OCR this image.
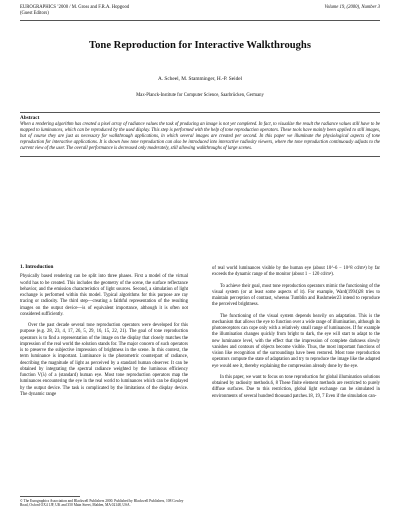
EUROGRAPHICS ’2000 / M. Gross and F.R.A. Hopgood
(Guest Editors)
Volume 19, (2000), Number 3
Tone Reproduction for Interactive Walkthroughs
A. Scheel, M. Stamminger, H.-P. Seidel
Max-Planck-Institute for Computer Science, Saarbrücken, Germany
Abstract
When a rendering algorithm has created a pixel array of radiance values the task of producing an image is not yet completed. In fact, to visualize the result the radiance values still have to be mapped to luminances, which can be reproduced by the used display. This step is performed with the help of tone reproduction operators. These tools have mainly been applied to still images, but of course they are just as necessary for walkthrough applications, in which several images are created per second. In this paper we illuminate the physiological aspects of tone reproduction for interactive applications. It is shown how tone reproduction can also be introduced into interactive radiosity viewers, where the tone reproduction continuously adjusts to the current view of the user. The overall performance is decreased only moderately, still allowing walkthroughs of large scenes.
1. Introduction

Physically based rendering can be split into three phases. First a model of the virtual world has to be created. This includes the geometry of the scene, the surface reflectance behavior, and the emission characteristics of light sources. Second, a simulation of light exchange is performed within this model. Typical algorithms for this purpose are ray tracing or radiosity. The third step—creating a faithful representation of the resulting images on the output device—is of equivalent importance, although it is often not considered sufficiently.

Over the past decade several tone reproduction operators were developed for this purpose (e.g. 28, 23, 4, 17, 26, 5, 29, 16, 15, 22, 21). The goal of tone reproduction operators is to find a representation of the image on the display that closely matches the impression of the real world the solution stands for. The major concern of such operators is to preserve the subjective impression of brightness in the scene. In this context, the term luminance is important. Luminance is the photometric counterpart of radiance, describing the magnitude of light as perceived by a standard human observer. It can be obtained by integrating the spectral radiance weighted by the luminous efficiency function V(λ) of a (standard) human eye. Most tone reproduction operators map the luminances encountering the eye in the real world to luminances which can be displayed by the output device. The task is complicated by the limitations of the display device. The dynamic range

of real world luminances visible by the human eye (about 10^-6 − 10^8 cd/m²) by far exceeds the dynamic range of the monitor (about 1 − 120 cd/m²).

To achieve their goal, most tone reproduction operators mimic the functioning of the visual system (or at least some aspects of it). For example, Ward(1994)28 tries to maintain perception of contrast, whereas Tumblin and Rushmeier23 intend to reproduce the perceived brightness.

The functioning of the visual system depends heavily on adaptation. This is the mechanism that allows the eye to function over a wide range of illumination, although its photoreceptors can cope only with a relatively small range of luminances. If for example the illumination changes quickly from bright to dark, the eye will start to adapt to the new luminance level, with the effect that the impression of complete darkness slowly vanishes and contours of objects become visible. Thus, the most important functions of vision like recognition of the surroundings have been restored. Most tone reproduction operators compute the state of adaptation and try to reproduce the image like the adapted eye would see it, thereby explaining the compression already done by the eye.

In this paper, we want to focus on tone reproduction for global illumination solutions obtained by radiosity methods.6, 8 These finite element methods are restricted to purely diffuse surfaces. Due to this restriction, global light exchange can be simulated in environments of several hundred thousand patches.18, 19, 7 Even if the simulation can-

© The Eurographics Association and Blackwell Publishers 2000. Published by Blackwell Publishers, 108 Cowley Road, Oxford OX4 1JF, UK and 350 Main Street, Malden, MA 02148, USA.
